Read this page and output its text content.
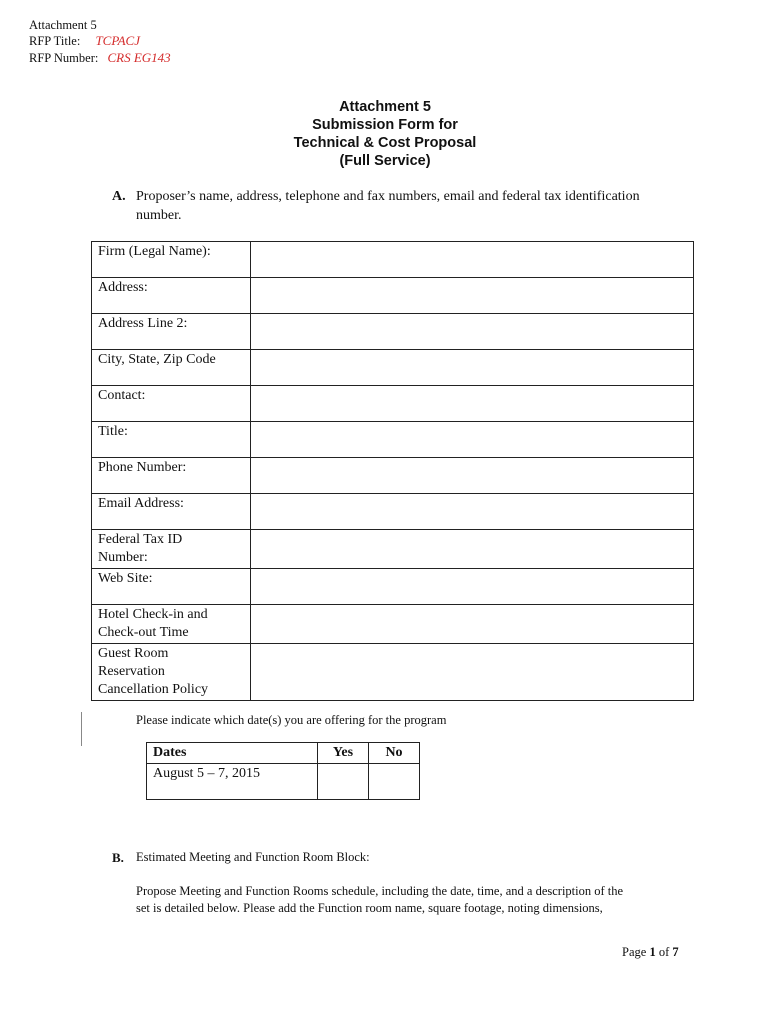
Attachment 5
RFP Title: TCPACJ
RFP Number: CRS EG143
Attachment 5
Submission Form for
Technical & Cost Proposal
(Full Service)
A. Proposer’s name, address, telephone and fax numbers, email and federal tax identification
number.
Firm (Legal Name):	
Address:	
Address Line 2:	
City, State, Zip Code	
Contact:	
Title:	
Phone Number:	
Email Address:	

Federal Tax ID
Number:	

Web Site:	

Hotel Check-in and
Check-out Time	

Guest Room
Reservation
Cancellation Policy	

Please indicate which date(s) you are offering for the program
Dates	Yes	No
August 5 – 7, 2015		
B. Estimated Meeting and Function Room Block:
Propose Meeting and Function Rooms schedule, including the date, time, and a description of the
set is detailed below. Please add the Function room name, square footage, noting dimensions,
Page 1 of 7
